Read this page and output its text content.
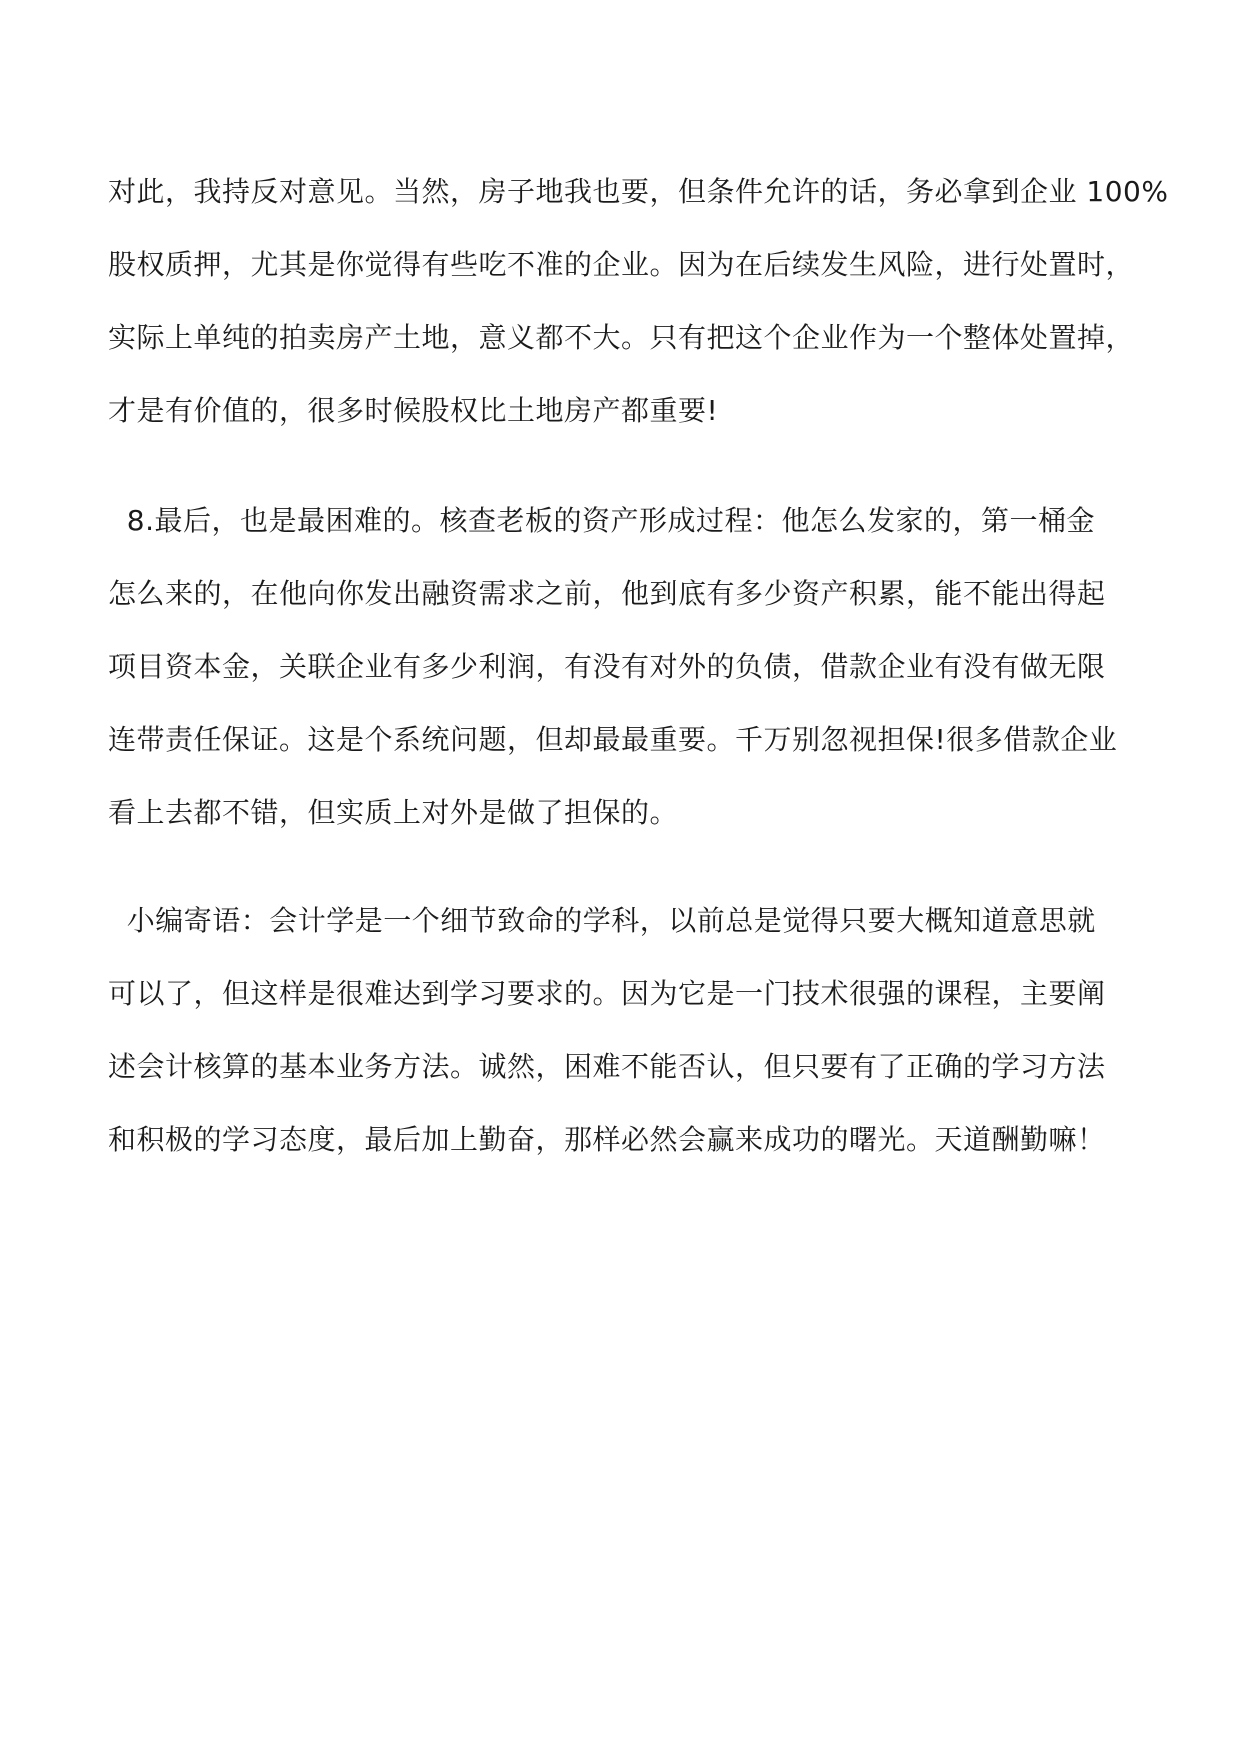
对此，我持反对意见。当然，房子地我也要，但条件允许的话，务必拿到企业 100%
股权质押，尤其是你觉得有些吃不准的企业。因为在后续发生风险，进行处置时，
实际上单纯的拍卖房产土地，意义都不大。只有把这个企业作为一个整体处置掉，
才是有价值的，很多时候股权比土地房产都重要!
8.最后，也是最困难的。核查老板的资产形成过程：他怎么发家的，第一桶金
怎么来的，在他向你发出融资需求之前，他到底有多少资产积累，能不能出得起
项目资本金，关联企业有多少利润，有没有对外的负债，借款企业有没有做无限
连带责任保证。这是个系统问题，但却最最重要。千万别忽视担保!很多借款企业
看上去都不错，但实质上对外是做了担保的。
小编寄语：会计学是一个细节致命的学科，以前总是觉得只要大概知道意思就
可以了，但这样是很难达到学习要求的。因为它是一门技术很强的课程，主要阐
述会计核算的基本业务方法。诚然，困难不能否认，但只要有了正确的学习方法
和积极的学习态度，最后加上勤奋，那样必然会赢来成功的曙光。天道酬勤嘛！
